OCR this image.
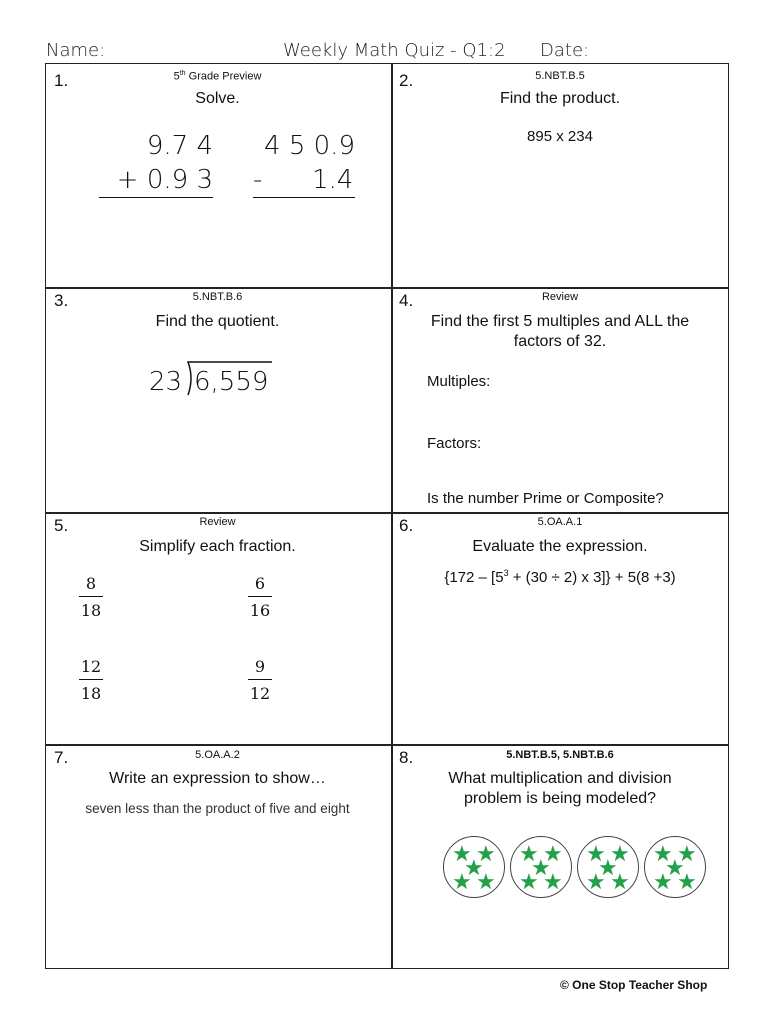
Name:	Weekly Math Quiz - Q1:2 Date:
1.	5th Grade Preview
Solve.
9.7 4
+ 0.9 3
4 5 0.9
-      1.4
2.	5.NBT.B.5
Find the product.
895 x 234
3.	5.NBT.B.6
Find the quotient.
23 6,559
4.	Review
Find the first 5 multiples and ALL the
factors of 32.
Multiples:
Factors:
Is the number Prime or Composite?
5.	Review
Simplify each fraction.
8
18
6
16
12
18
9
12
6.	5.OA.A.1
Evaluate the expression.
{$172 - [5^3 + (30 \div 2)$ x 3]} + 5(8 +3)
7.	5.OA.A.2
Write an expression to show…
seven less than the product of five and eight
8.	5.NBT.B.5, 5.NBT.B.6
What multiplication and division
problem is being modeled?
★ ★
★
★ ★
★ ★
★
★ ★
★ ★
★
★ ★
★ ★
★
★ ★
© One Stop Teacher Shop
